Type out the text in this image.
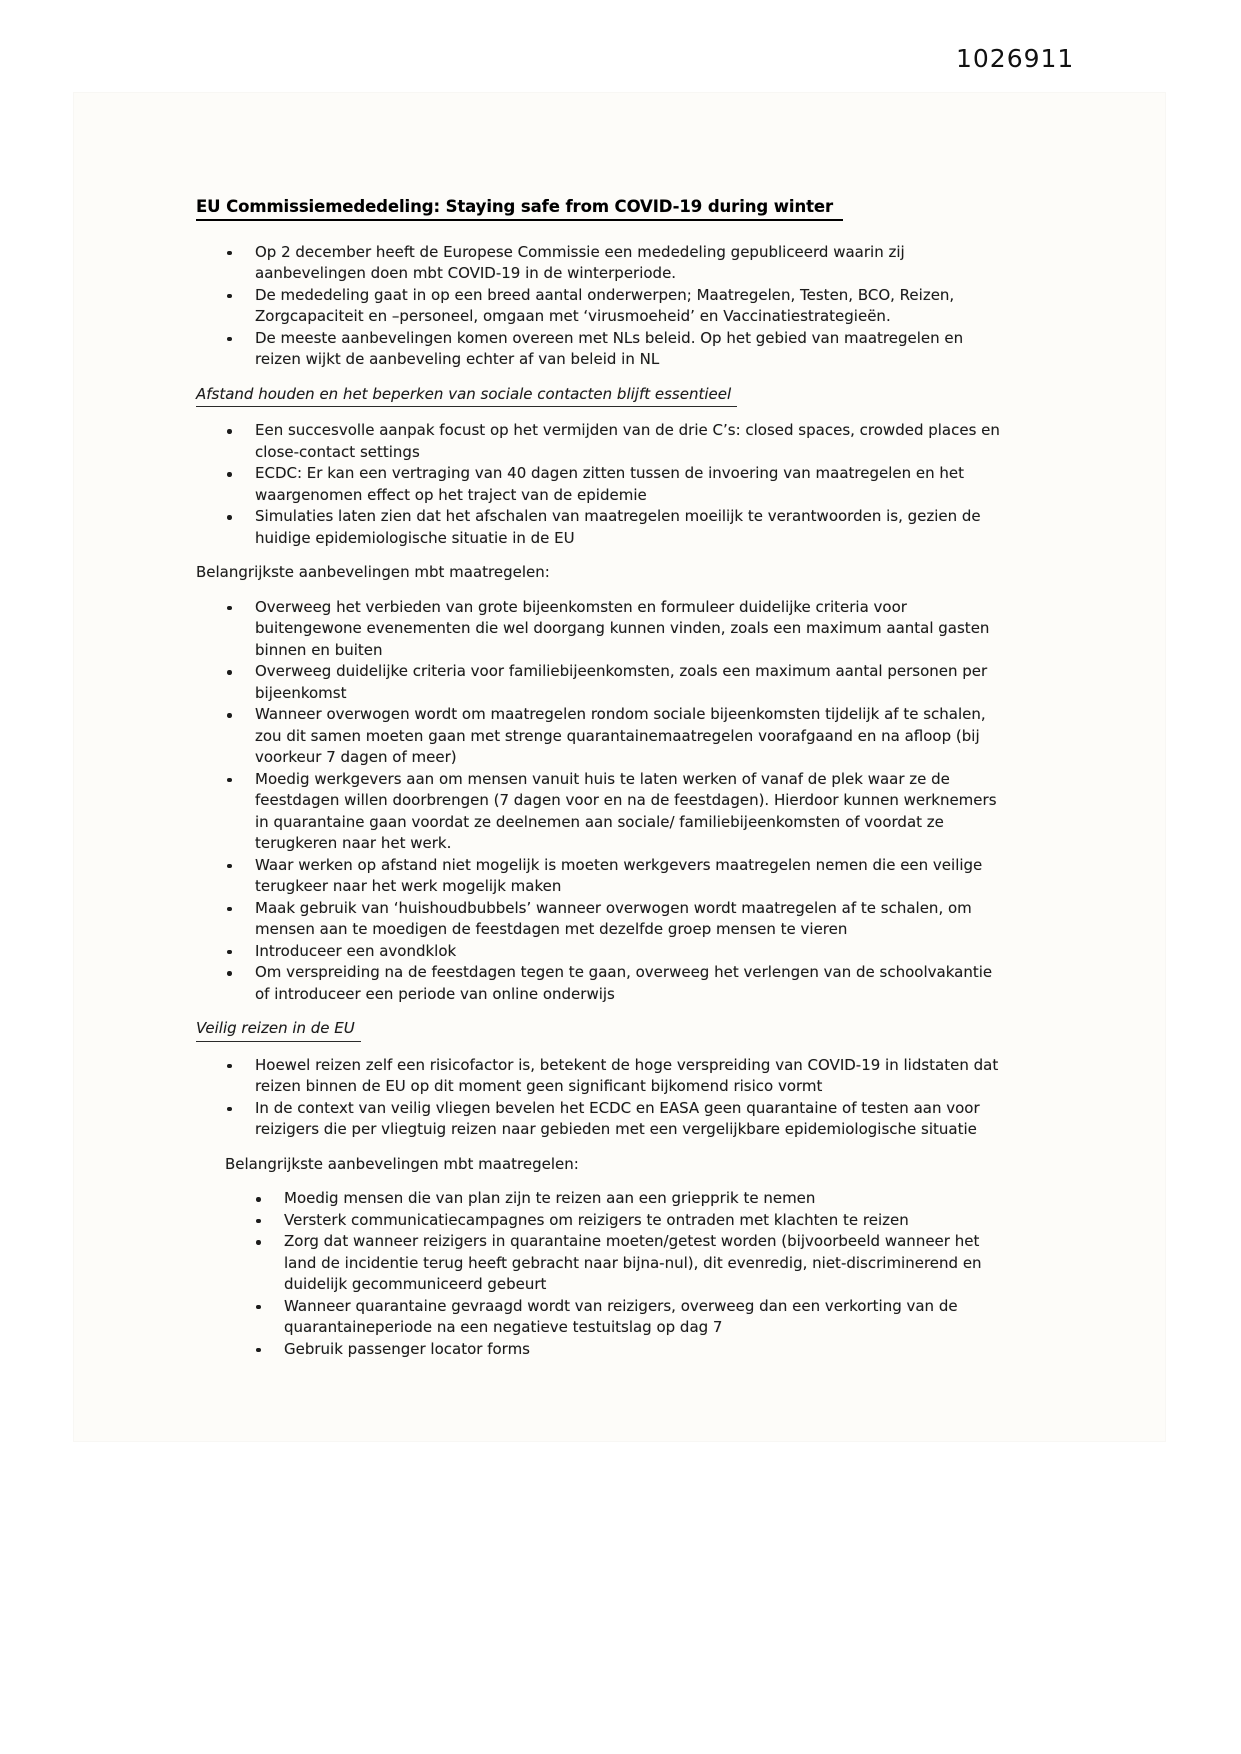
1026911
EU Commissiemededeling: Staying safe from COVID-19 during winter
Op 2 december heeft de Europese Commissie een mededeling gepubliceerd waarin zij aanbevelingen doen mbt COVID-19 in de winterperiode.
De mededeling gaat in op een breed aantal onderwerpen; Maatregelen, Testen, BCO, Reizen, Zorgcapaciteit en –personeel, omgaan met ‘virusmoeheid’ en Vaccinatiestrategieën.
De meeste aanbevelingen komen overeen met NLs beleid. Op het gebied van maatregelen en reizen wijkt de aanbeveling echter af van beleid in NL
Afstand houden en het beperken van sociale contacten blijft essentieel
Een succesvolle aanpak focust op het vermijden van de drie C’s: closed spaces, crowded places en close-contact settings
ECDC: Er kan een vertraging van 40 dagen zitten tussen de invoering van maatregelen en het waargenomen effect op het traject van de epidemie
Simulaties laten zien dat het afschalen van maatregelen moeilijk te verantwoorden is, gezien de huidige epidemiologische situatie in de EU

Belangrijkste aanbevelingen mbt maatregelen:

Overweeg het verbieden van grote bijeenkomsten en formuleer duidelijke criteria voor buitengewone evenementen die wel doorgang kunnen vinden, zoals een maximum aantal gasten binnen en buiten
Overweeg duidelijke criteria voor familiebijeenkomsten, zoals een maximum aantal personen per bijeenkomst
Wanneer overwogen wordt om maatregelen rondom sociale bijeenkomsten tijdelijk af te schalen, zou dit samen moeten gaan met strenge quarantainemaatregelen voorafgaand en na afloop (bij voorkeur 7 dagen of meer)
Moedig werkgevers aan om mensen vanuit huis te laten werken of vanaf de plek waar ze de feestdagen willen doorbrengen (7 dagen voor en na de feestdagen). Hierdoor kunnen werknemers in quarantaine gaan voordat ze deelnemen aan sociale/ familiebijeenkomsten of voordat ze terugkeren naar het werk.
Waar werken op afstand niet mogelijk is moeten werkgevers maatregelen nemen die een veilige terugkeer naar het werk mogelijk maken
Maak gebruik van ‘huishoudbubbels’ wanneer overwogen wordt maatregelen af te schalen, om mensen aan te moedigen de feestdagen met dezelfde groep mensen te vieren
Introduceer een avondklok
Om verspreiding na de feestdagen tegen te gaan, overweeg het verlengen van de schoolvakantie of introduceer een periode van online onderwijs
Veilig reizen in de EU
Hoewel reizen zelf een risicofactor is, betekent de hoge verspreiding van COVID-19 in lidstaten dat reizen binnen de EU op dit moment geen significant bijkomend risico vormt
In de context van veilig vliegen bevelen het ECDC en EASA geen quarantaine of testen aan voor reizigers die per vliegtuig reizen naar gebieden met een vergelijkbare epidemiologische situatie

Belangrijkste aanbevelingen mbt maatregelen:

Moedig mensen die van plan zijn te reizen aan een griepprik te nemen
Versterk communicatiecampagnes om reizigers te ontraden met klachten te reizen
Zorg dat wanneer reizigers in quarantaine moeten/getest worden (bijvoorbeeld wanneer het land de incidentie terug heeft gebracht naar bijna-nul), dit evenredig, niet-discriminerend en duidelijk gecommuniceerd gebeurt
Wanneer quarantaine gevraagd wordt van reizigers, overweeg dan een verkorting van de quarantaineperiode na een negatieve testuitslag op dag 7
Gebruik passenger locator forms
